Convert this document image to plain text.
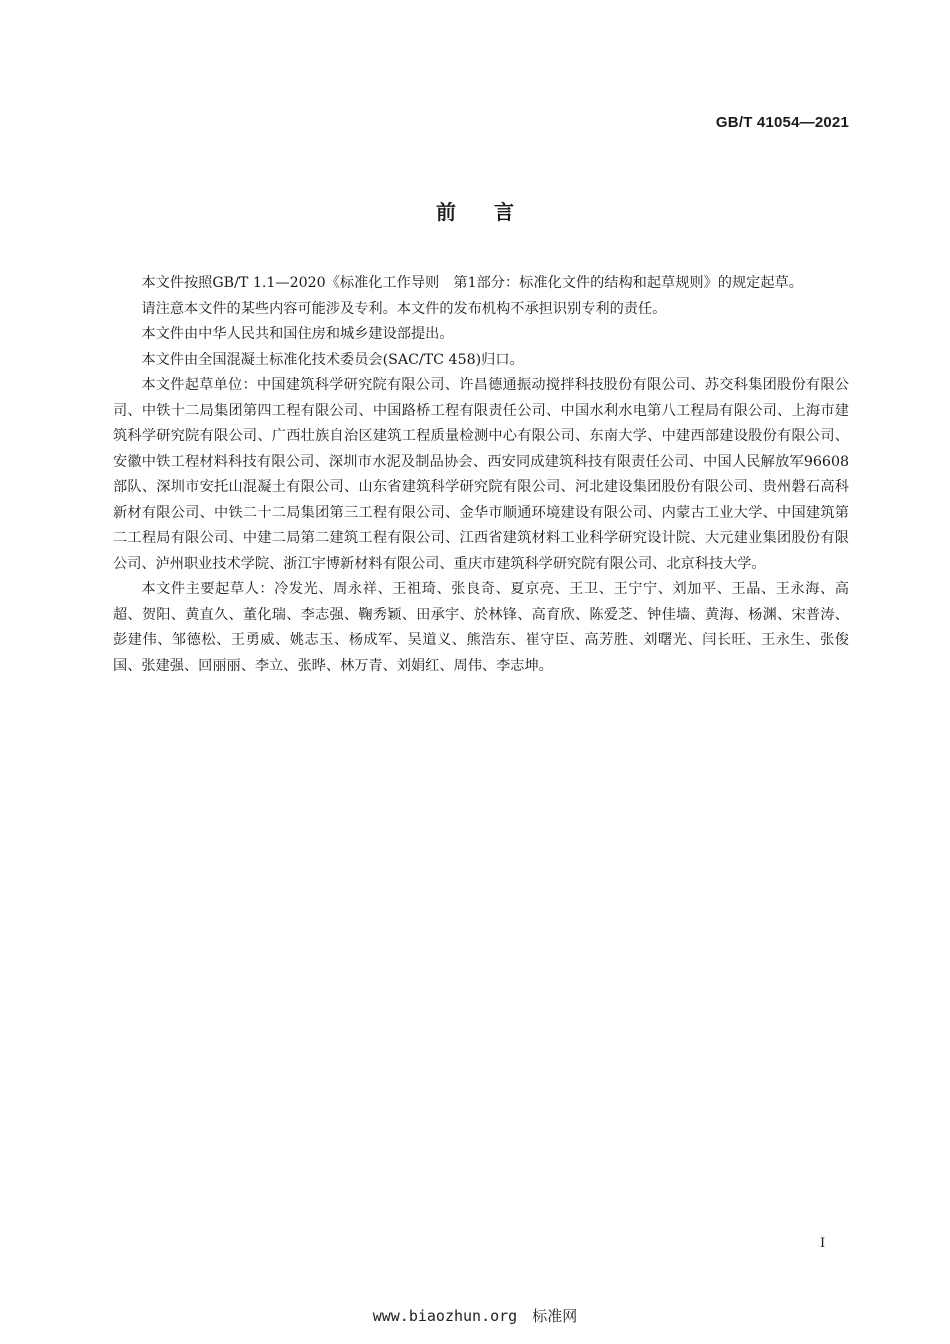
GB/T 41054—2021
前言

本文件按照GB/T 1.1—2020《标准化工作导则　第1部分：标准化文件的结构和起草规则》的规定起草。

请注意本文件的某些内容可能涉及专利。本文件的发布机构不承担识别专利的责任。

本文件由中华人民共和国住房和城乡建设部提出。

本文件由全国混凝土标准化技术委员会(SAC/TC 458)归口。

本文件起草单位：中国建筑科学研究院有限公司、许昌德通振动搅拌科技股份有限公司、苏交科集团股份有限公司、中铁十二局集团第四工程有限公司、中国路桥工程有限责任公司、中国水利水电第八工程局有限公司、上海市建筑科学研究院有限公司、广西壮族自治区建筑工程质量检测中心有限公司、东南大学、中建西部建设股份有限公司、安徽中铁工程材料科技有限公司、深圳市水泥及制品协会、西安同成建筑科技有限责任公司、中国人民解放军96608部队、深圳市安托山混凝土有限公司、山东省建筑科学研究院有限公司、河北建设集团股份有限公司、贵州磐石高科新材有限公司、中铁二十二局集团第三工程有限公司、金华市顺通环境建设有限公司、内蒙古工业大学、中国建筑第二工程局有限公司、中建二局第二建筑工程有限公司、江西省建筑材料工业科学研究设计院、大元建业集团股份有限公司、泸州职业技术学院、浙江宇博新材料有限公司、重庆市建筑科学研究院有限公司、北京科技大学。

本文件主要起草人：冷发光、周永祥、王祖琦、张良奇、夏京亮、王卫、王宁宁、刘加平、王晶、王永海、高超、贺阳、黄直久、董化瑞、李志强、鞠秀颖、田承宇、於林锋、高育欣、陈爱芝、钟佳墙、黄海、杨渊、宋普涛、彭建伟、邹德松、王勇威、姚志玉、杨成军、吴道义、熊浩东、崔守臣、高芳胜、刘曙光、闫长旺、王永生、张俊国、张建强、回丽丽、李立、张晔、林万青、刘娟红、周伟、李志坤。

I
www.biaozhun.org 标准网
